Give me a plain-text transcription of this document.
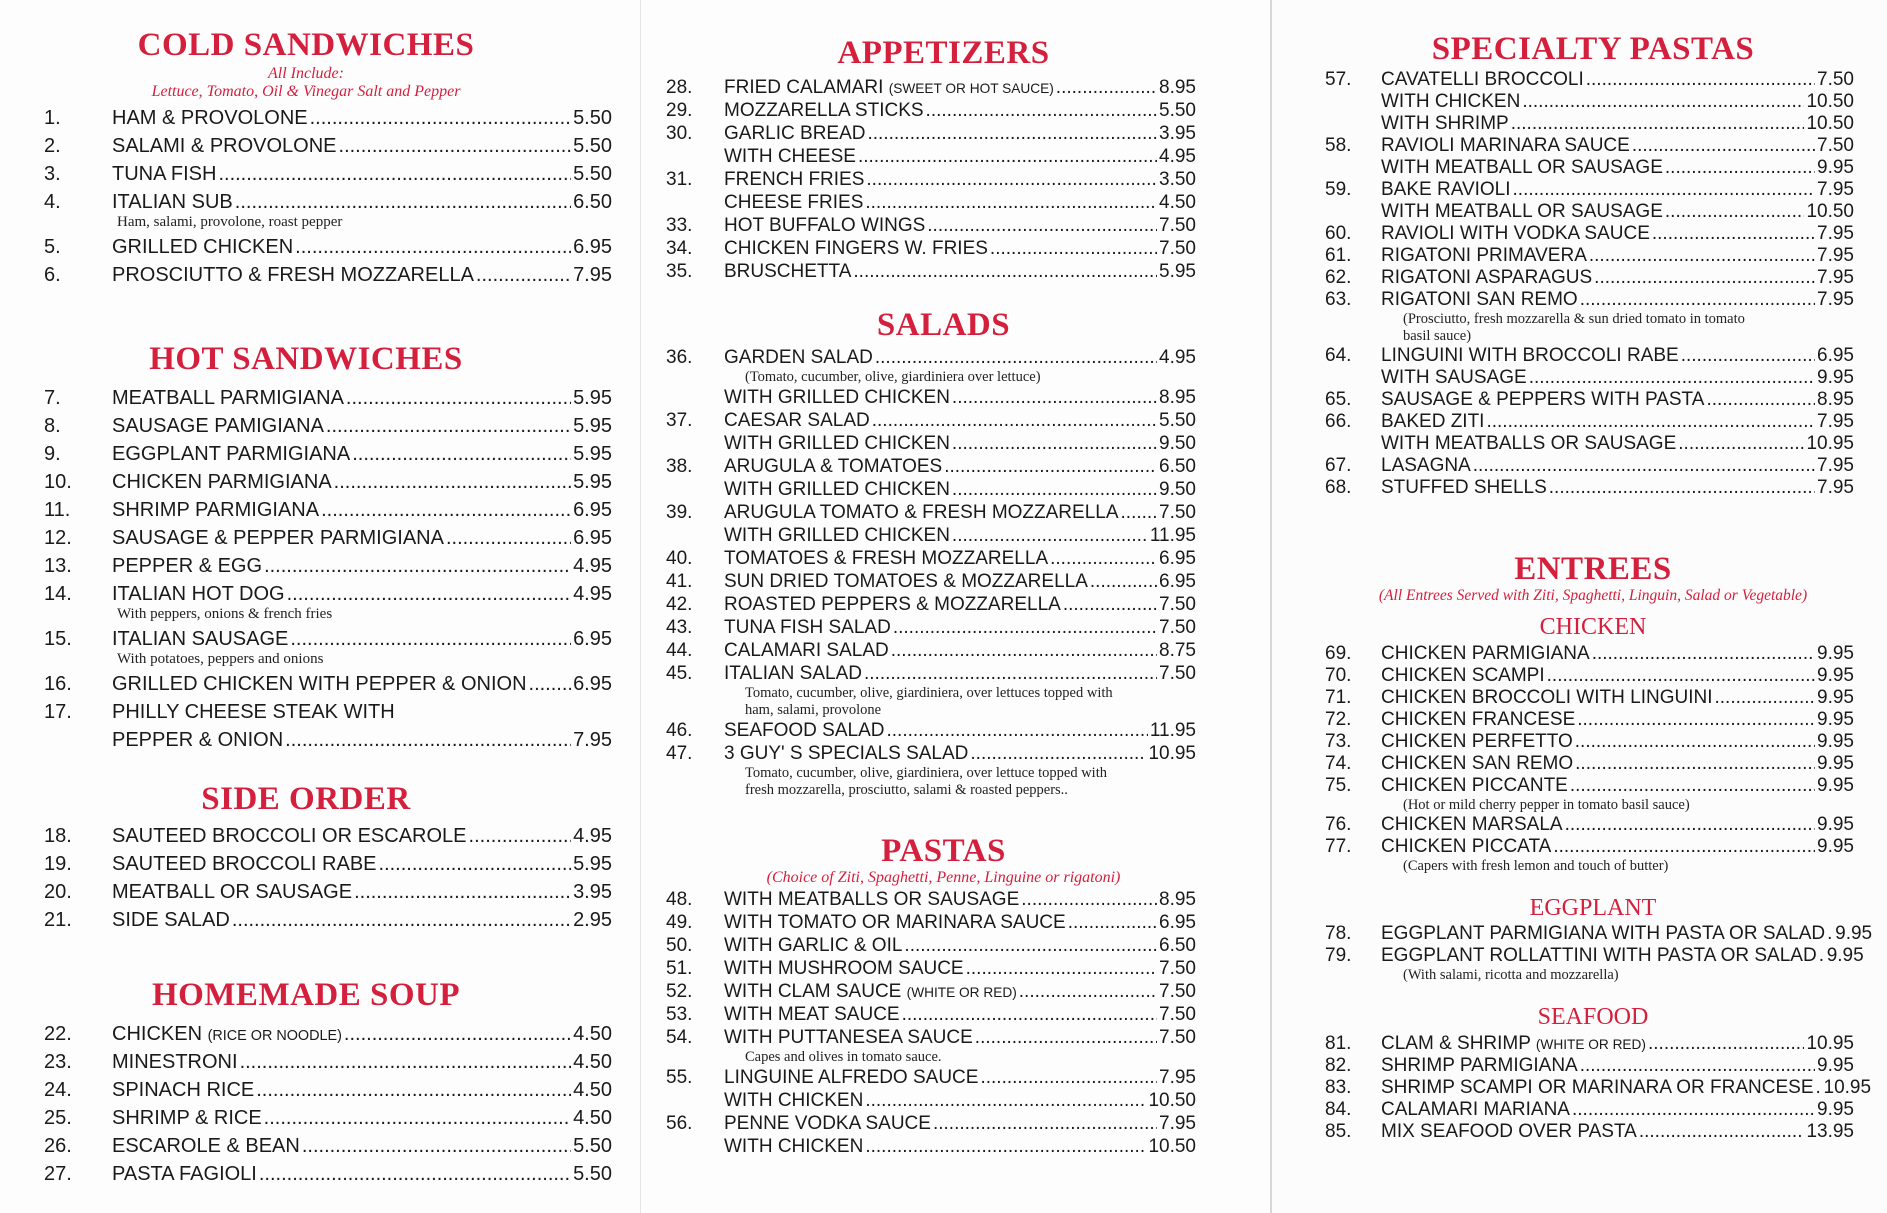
COLD SANDWICHES

All Include:

Lettuce, Tomato, Oil & Vinegar Salt and Pepper

1.	HAM & PROVOLONE .....	5.50
2.	SALAMI & PROVOLONE .....	5.50
3.	TUNA FISH .....	5.50
4.	ITALIAN SUB .....	6.50
Ham, salami, provolone, roast pepper
5.	GRILLED CHICKEN .....	6.95
6.	PROSCIUTTO & FRESH MOZZARELLA .....	7.95
HOT SANDWICHES
7.	MEATBALL PARMIGIANA .....	5.95
8.	SAUSAGE PAMIGIANA .....	5.95
9.	EGGPLANT PARMIGIANA .....	5.95
10.	CHICKEN PARMIGIANA .....	5.95
11.	SHRIMP PARMIGIANA .....	6.95
12.	SAUSAGE & PEPPER PARMIGIANA .....	6.95
13.	PEPPER & EGG .....	4.95
14.	ITALIAN HOT DOG .....	4.95
With peppers, onions & french fries
15.	ITALIAN SAUSAGE .....	6.95
With potatoes, peppers and onions
16.	GRILLED CHICKEN WITH PEPPER & ONION ..... 6.95
17.	PHILLY CHEESE STEAK WITH
PEPPER & ONION .....	7.95
SIDE ORDER
18.	SAUTEED BROCCOLI OR ESCAROLE .....	4.95
19.	SAUTEED BROCCOLI RABE .....	5.95
20.	MEATBALL OR SAUSAGE .....	3.95
21.	SIDE SALAD .....	2.95
HOMEMADE SOUP
22.	CHICKEN (RICE OR NOODLE) .....	4.50
23.	MINESTRONI .....	4.50
24.	SPINACH RICE .....	4.50
25.	SHRIMP & RICE .....	4.50
26.	ESCAROLE & BEAN .....	5.50
27.	PASTA FAGIOLI .....	5.50
APPETIZERS
28.	FRIED CALAMARI (SWEET OR HOT SAUCE) .....	8.95
29.	MOZZARELLA STICKS .....	5.50
30.	GARLIC BREAD .....	3.95
WITH CHEESE .....	4.95
31.	FRENCH FRIES .....	3.50
CHEESE FRIES .....	4.50
33.	HOT BUFFALO WINGS .....	7.50
34.	CHICKEN FINGERS W. FRIES .....	7.50
35.	BRUSCHETTA .....	5.95
SALADS
36.	GARDEN SALAD .....	4.95
(Tomato, cucumber, olive, giardiniera over lettuce)
WITH GRILLED CHICKEN .....	8.95
37.	CAESAR SALAD .....	5.50
WITH GRILLED CHICKEN .....	9.50
38.	ARUGULA & TOMATOES .....	6.50
WITH GRILLED CHICKEN .....	9.50
39.	ARUGULA TOMATO & FRESH MOZZARELLA ..... 7.50
WITH GRILLED CHICKEN .....	11.95
40.	TOMATOES & FRESH MOZZARELLA .....	6.95
41.	SUN DRIED TOMATOES & MOZZARELLA .....	6.95
42.	ROASTED PEPPERS & MOZZARELLA .....	7.50
43.	TUNA FISH SALAD .....	7.50
44.	CALAMARI SALAD .....	8.75
45.	ITALIAN SALAD .....	7.50
Tomato, cucumber, olive, giardiniera, over lettuces topped with
ham, salami, provolone
46.	SEAFOOD SALAD .....	11.95
47.	3 GUY' S SPECIALS SALAD .....	10.95
Tomato, cucumber, olive, giardiniera, over lettuce topped with
fresh mozzarella, prosciutto, salami & roasted peppers..
PASTAS

(Choice of Ziti, Spaghetti, Penne, Linguine or rigatoni)

48.	WITH MEATBALLS OR SAUSAGE .....	8.95
49.	WITH TOMATO OR MARINARA SAUCE .....	6.95
50.	WITH GARLIC & OIL .....	6.50
51.	WITH MUSHROOM SAUCE .....	7.50
52.	WITH CLAM SAUCE (WHITE OR RED) .....	7.50
53.	WITH MEAT SAUCE .....	7.50
54.	WITH PUTTANESEA SAUCE .....	7.50
Capes and olives in tomato sauce.
55.	LINGUINE ALFREDO SAUCE .....	7.95
WITH CHICKEN .....	10.50
56.	PENNE VODKA SAUCE .....	7.95
WITH CHICKEN .....	10.50
SPECIALTY PASTAS
57.	CAVATELLI BROCCOLI .....	7.50
WITH CHICKEN .....	10.50
WITH SHRIMP .....	10.50
58.	RAVIOLI MARINARA SAUCE .....	7.50
WITH MEATBALL OR SAUSAGE .....	9.95
59.	BAKE RAVIOLI .....	7.95
WITH MEATBALL OR SAUSAGE .....	10.50
60.	RAVIOLI WITH VODKA SAUCE .....	7.95
61.	RIGATONI PRIMAVERA .....	7.95
62.	RIGATONI ASPARAGUS .....	7.95
63.	RIGATONI SAN REMO .....	7.95
(Prosciutto, fresh mozzarella & sun dried tomato in tomato
basil sauce)
64.	LINGUINI WITH BROCCOLI RABE .....	6.95
WITH SAUSAGE .....	9.95
65.	SAUSAGE & PEPPERS WITH PASTA .....	8.95
66.	BAKED ZITI .....	7.95
WITH MEATBALLS OR SAUSAGE .....	10.95
67.	LASAGNA .....	7.95
68.	STUFFED SHELLS .....	7.95
ENTREES

(All Entrees Served with Ziti, Spaghetti, Linguin, Salad or Vegetable)

CHICKEN

69.	CHICKEN PARMIGIANA .....	9.95
70.	CHICKEN SCAMPI .....	9.95
71.	CHICKEN BROCCOLI WITH LINGUINI .....	9.95
72.	CHICKEN FRANCESE .....	9.95
73.	CHICKEN PERFETTO .....	9.95
74.	CHICKEN SAN REMO .....	9.95
75.	CHICKEN PICCANTE .....	9.95
(Hot or mild cherry pepper in tomato basil sauce)
76.	CHICKEN MARSALA .....	9.95
77.	CHICKEN PICCATA .....	9.95
(Capers with fresh lemon and touch of butter)

EGGPLANT

78.	EGGPLANT PARMIGIANA WITH PASTA OR SALAD ..... 9.95
79.	EGGPLANT ROLLATTINI WITH PASTA OR SALAD ..... 9.95
(With salami, ricotta and mozzarella)

SEAFOOD

81.	CLAM & SHRIMP (WHITE OR RED) .....	10.95
82.	SHRIMP PARMIGIANA .....	9.95
83.	SHRIMP SCAMPI OR MARINARA OR FRANCESE ..... 10.95
84.	CALAMARI MARIANA .....	9.95
85.	MIX SEAFOOD OVER PASTA .....	13.95
